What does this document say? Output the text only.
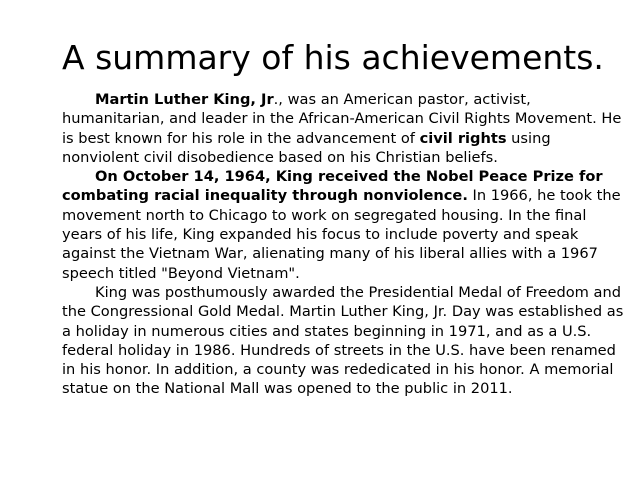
A summary of his achievements.

Martin Luther King, Jr., was an American pastor, activist, humanitarian, and leader in the African-American Civil Rights Movement. He is best known for his role in the advancement of civil rights using nonviolent civil disobedience based on his Christian beliefs.

On October 14, 1964, King received the Nobel Peace Prize for combating racial inequality through nonviolence. In 1966, he took the movement north to Chicago to work on segregated housing. In the final years of his life, King expanded his focus to include poverty and speak against the Vietnam War, alienating many of his liberal allies with a 1967 speech titled "Beyond Vietnam".

King was posthumously awarded the Presidential Medal of Freedom and the Congressional Gold Medal. Martin Luther King, Jr. Day was established as a holiday in numerous cities and states beginning in 1971, and as a U.S. federal holiday in 1986. Hundreds of streets in the U.S. have been renamed in his honor. In addition, a county was rededicated in his honor. A memorial statue on the National Mall was opened to the public in 2011.
